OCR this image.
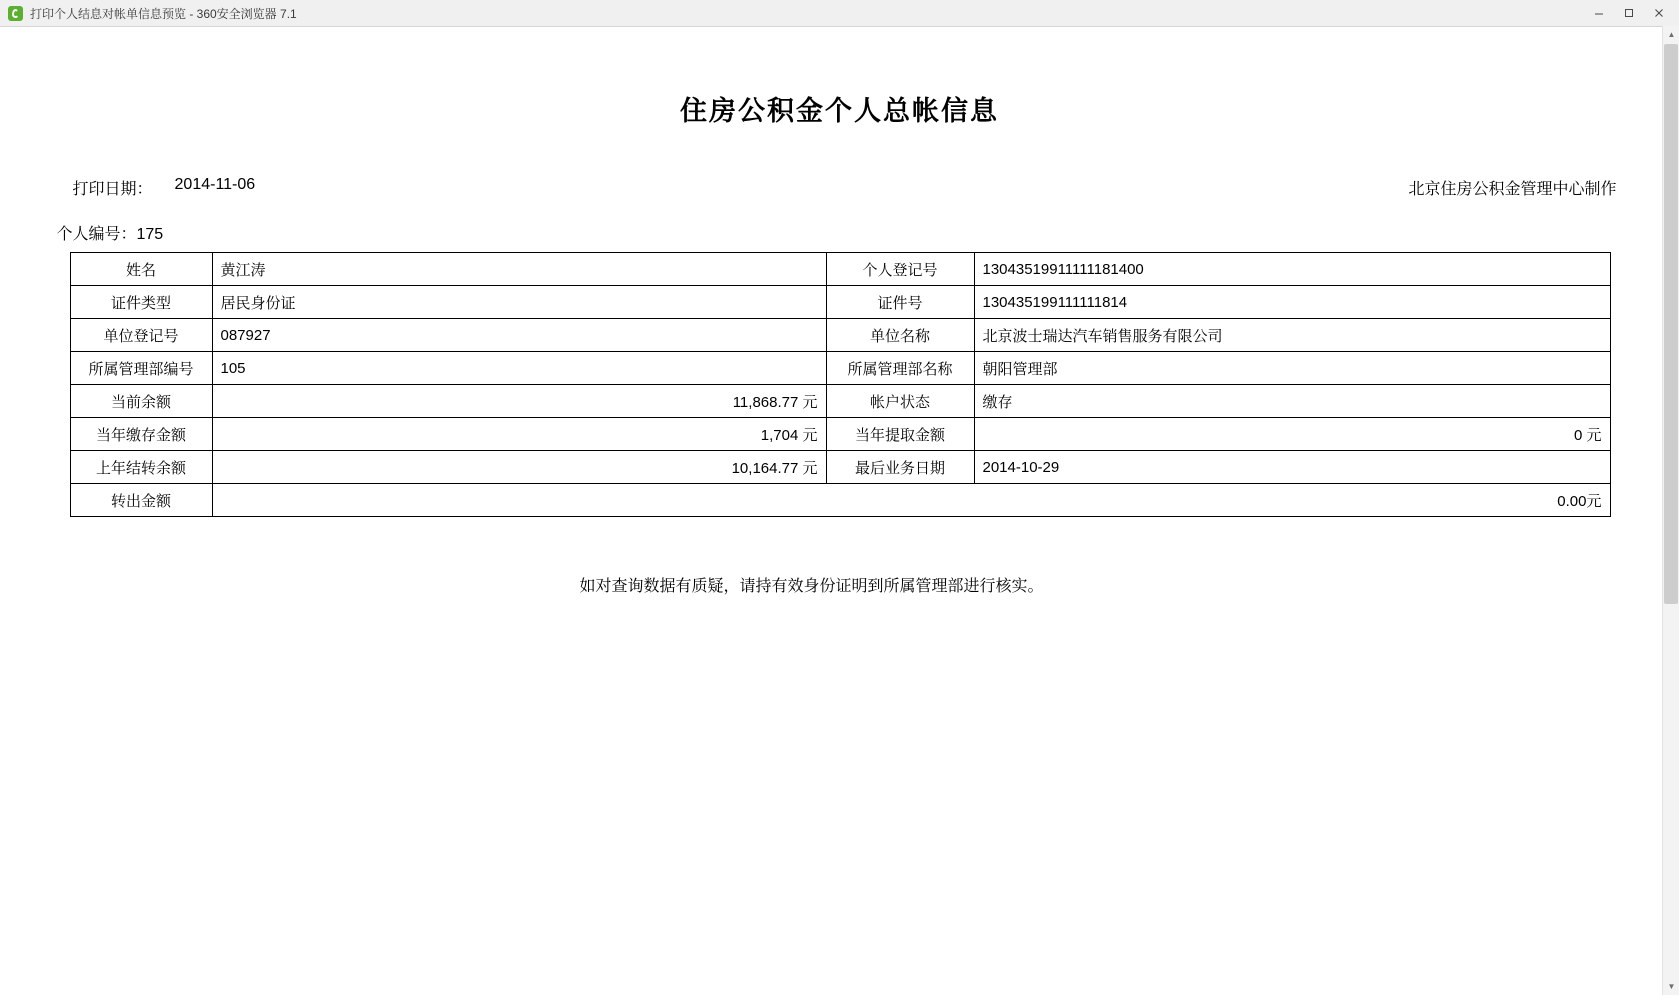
打印个人结息对帐单信息预览 - 360安全浏览器 7.1
住房公积金个人总帐信息
打印日期： 2014-11-06	北京住房公积金管理中心制作
个人编号：175
姓名	黄江涛	个人登记号	13043519911111181400
证件类型	居民身份证	证件号	130435199111111814
单位登记号	087927	单位名称	北京波士瑞达汽车销售服务有限公司
所属管理部编号	105	所属管理部名称	朝阳管理部
当前余额	11,868.77 元	帐户状态	缴存
当年缴存金额	1,704 元	当年提取金额	0 元
上年结转余额	10,164.77 元	最后业务日期	2014-10-29
转出金额	0.00元		
如对查询数据有质疑，请持有效身份证明到所属管理部进行核实。
▲
▼
